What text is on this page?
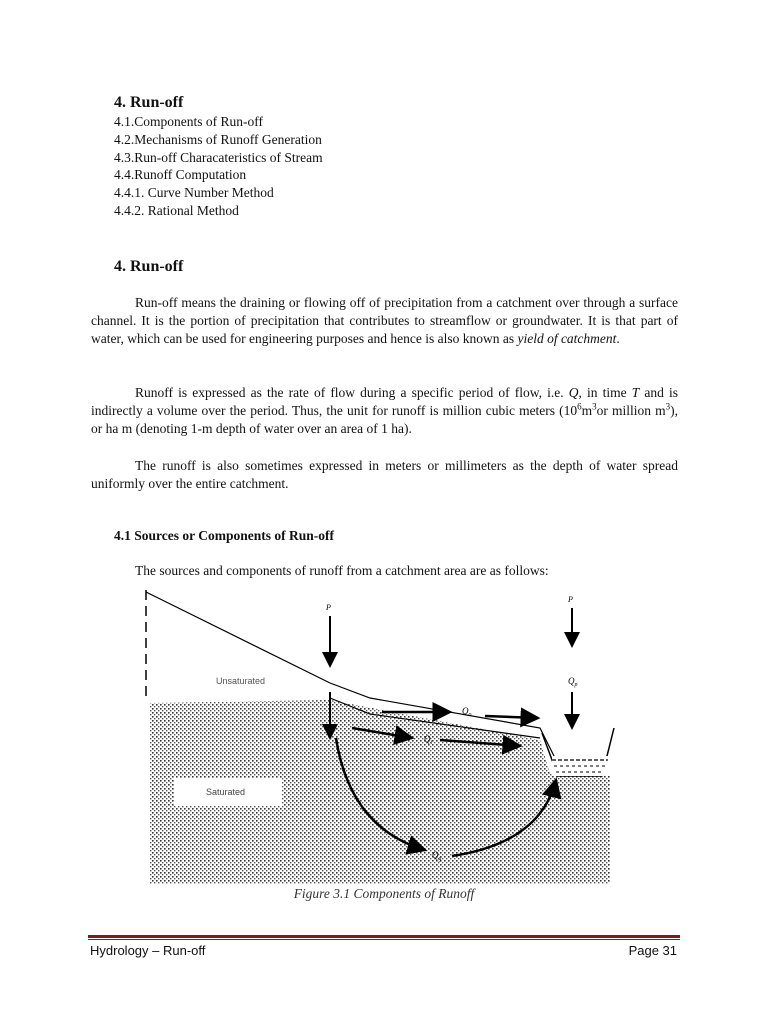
4. Run-off
4.1.Components of Run-off
4.2.Mechanisms of Runoff Generation
4.3.Run-off Characateristics of Stream
4.4.Runoff Computation
4.4.1. Curve Number Method
4.4.2. Rational Method
4. Run-off

Run-off means the draining or flowing off of precipitation from a catchment over through a surface channel. It is the portion of precipitation that contributes to streamflow or groundwater. It is that part of water, which can be used for engineering purposes and hence is also known as yield of catchment.

Runoff is expressed as the rate of flow during a specific period of flow, i.e. Q, in time T and is indirectly a volume over the period. Thus, the unit for runoff is million cubic meters ($10^6m^3or$ million $m^3$), or ha m (denoting 1-m depth of water over an area of 1 ha).

The runoff is also sometimes expressed in meters or millimeters as the depth of water spread uniformly over the entire catchment.

4.1 Sources or Components of Run-off
The sources and components of runoff from a catchment area are as follows:
Unsaturated
Saturated
P
P
$Q_p$
$Q_o$
$Q_i$
$Q_g$
Figure 3.1 Components of Runoff
Hydrology – Run-off	Page 31
